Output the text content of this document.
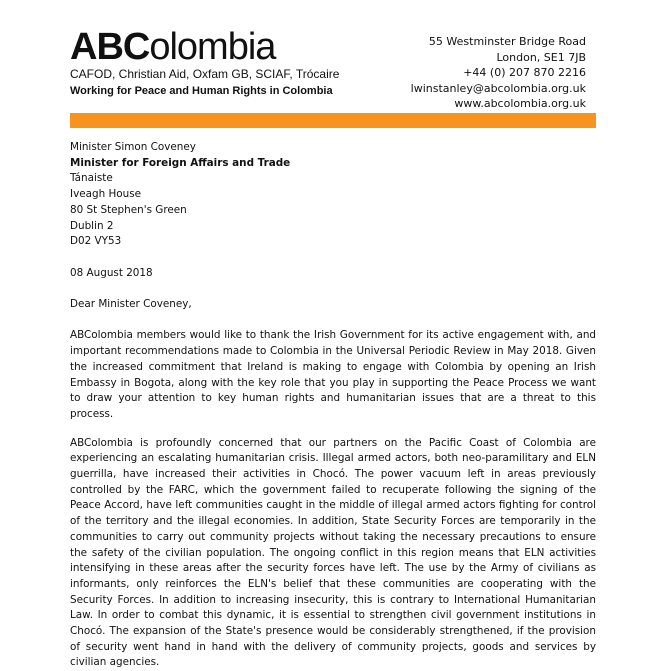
ABColombia
CAFOD, Christian Aid, Oxfam GB, SCIAF, Trócaire
Working for Peace and Human Rights in Colombia
55 Westminster Bridge Road
London, SE1 7JB
+44 (0) 207 870 2216
lwinstanley@abcolombia.org.uk
www.abcolombia.org.uk
Minister Simon Coveney
Minister for Foreign Affairs and Trade
Tánaiste
Iveagh House
80 St Stephen's Green
Dublin 2
D02 VY53
08 August 2018
Dear Minister Coveney,
ABColombia members would like to thank the Irish Government for its active engagement with, and important recommendations made to Colombia in the Universal Periodic Review in May 2018. Given the increased commitment that Ireland is making to engage with Colombia by opening an Irish Embassy in Bogota, along with the key role that you play in supporting the Peace Process we want to draw your attention to key human rights and humanitarian issues that are a threat to this process.
ABColombia is profoundly concerned that our partners on the Pacific Coast of Colombia are experiencing an escalating humanitarian crisis. Illegal armed actors, both neo-paramilitary and ELN guerrilla, have increased their activities in Chocó. The power vacuum left in areas previously controlled by the FARC, which the government failed to recuperate following the signing of the Peace Accord, have left communities caught in the middle of illegal armed actors fighting for control of the territory and the illegal economies. In addition, State Security Forces are temporarily in the communities to carry out community projects without taking the necessary precautions to ensure the safety of the civilian population. The ongoing conflict in this region means that ELN activities intensifying in these areas after the security forces have left. The use by the Army of civilians as informants, only reinforces the ELN's belief that these communities are cooperating with the Security Forces. In addition to increasing insecurity, this is contrary to International Humanitarian Law. In order to combat this dynamic, it is essential to strengthen civil government institutions in Chocó. The expansion of the State's presence would be considerably strengthened, if the provision of security went hand in hand with the delivery of community projects, goods and services by civilian agencies.
